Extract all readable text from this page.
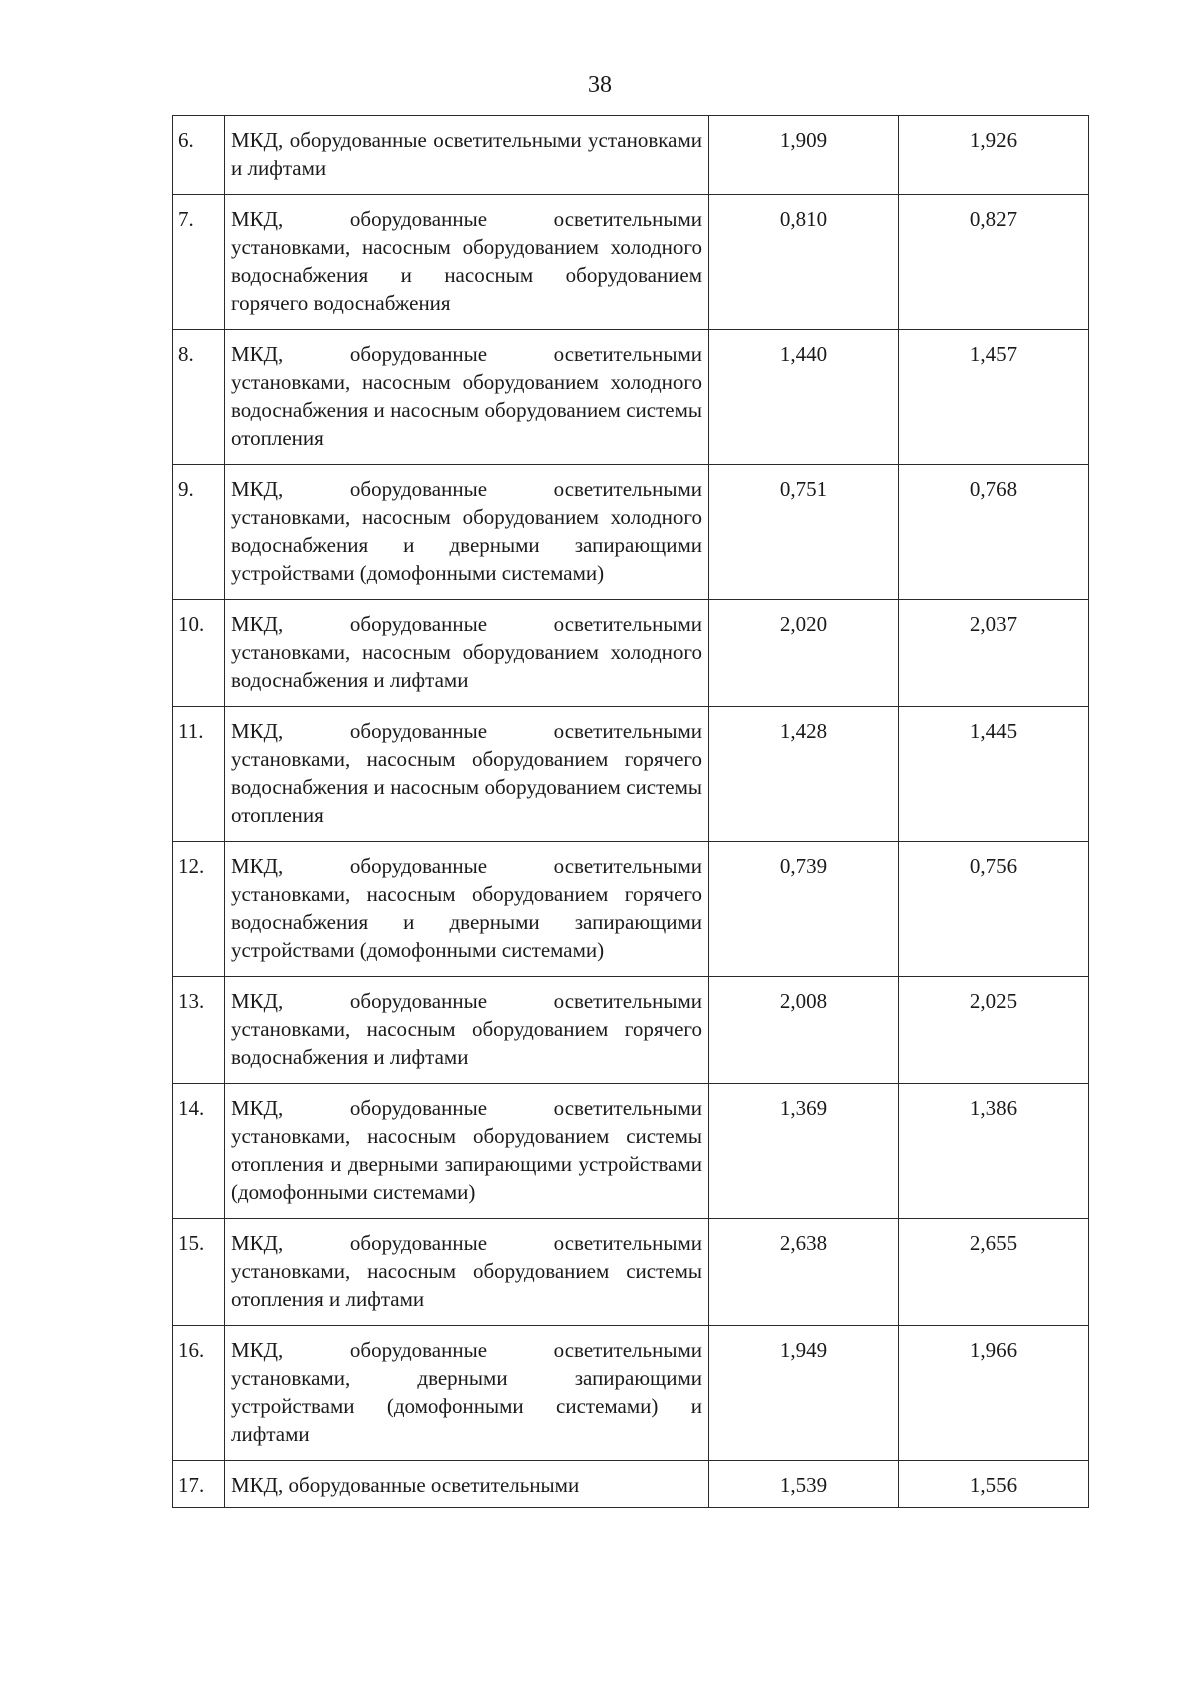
38
6.	МКД, оборудованные осветительными установками и лифтами	1,909	1,926
7.	МКД, оборудованные осветительными установками, насосным оборудованием холодного водоснабжения и насосным оборудованием горячего водоснабжения	0,810	0,827
8.	МКД, оборудованные осветительными установками, насосным оборудованием холодного водоснабжения и насосным оборудованием системы отопления	1,440	1,457
9.	МКД, оборудованные осветительными установками, насосным оборудованием холодного водоснабжения и дверными запирающими устройствами (домофонными системами)	0,751	0,768
10.	МКД, оборудованные осветительными установками, насосным оборудованием холодного водоснабжения и лифтами	2,020	2,037
11.	МКД, оборудованные осветительными установками, насосным оборудованием горячего водоснабжения и насосным оборудованием системы отопления	1,428	1,445
12.	МКД, оборудованные осветительными установками, насосным оборудованием горячего водоснабжения и дверными запирающими устройствами (домофонными системами)	0,739	0,756
13.	МКД, оборудованные осветительными установками, насосным оборудованием горячего водоснабжения и лифтами	2,008	2,025
14.	МКД, оборудованные осветительными установками, насосным оборудованием системы отопления и дверными запирающими устройствами (домофонными системами)	1,369	1,386
15.	МКД, оборудованные осветительными установками, насосным оборудованием системы отопления и лифтами	2,638	2,655
16.	МКД, оборудованные осветительными установками, дверными запирающими устройствами (домофонными системами) и лифтами	1,949	1,966
17.	МКД, оборудованные осветительными	1,539	1,556
